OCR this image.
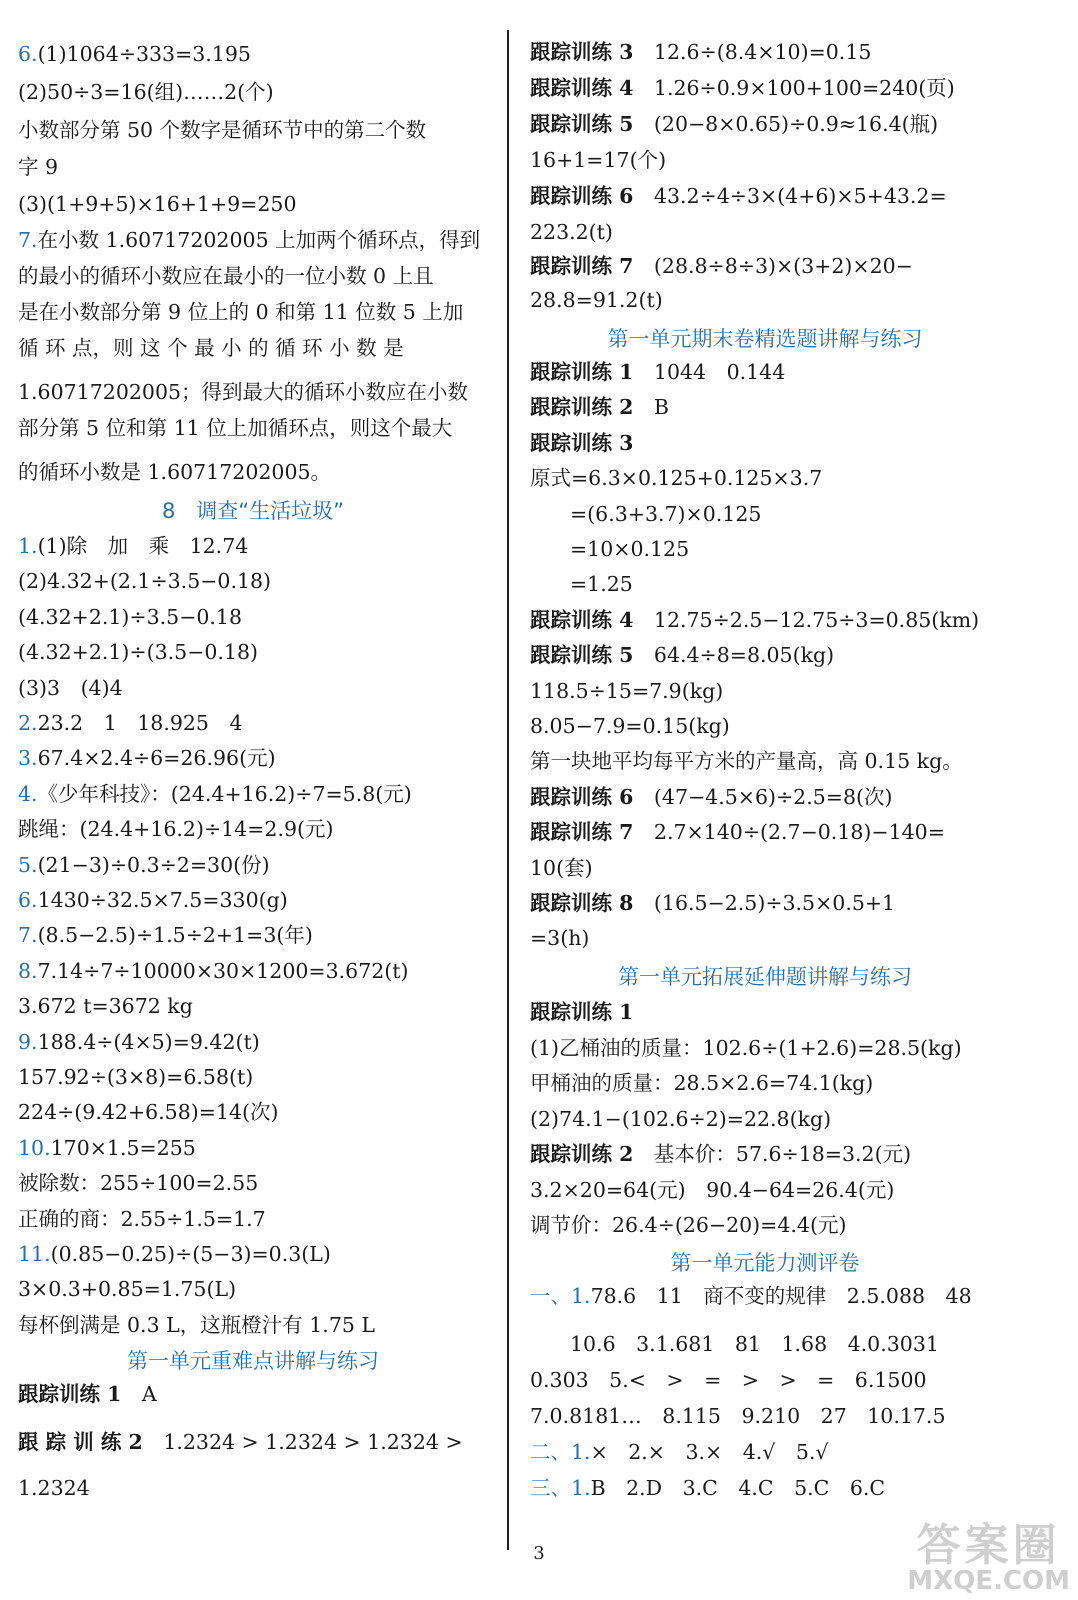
6.(1)1064÷333=3.195
(2)50÷3=16(组)……2(个)
小数部分第 50 个数字是循环节中的第二个数
字 9
(3)(1+9+5)×16+1+9=250
7.在小数 1.60717202005 上加两个循环点，得到
的最小的循环小数应在最小的一位小数 0 上且
是在小数部分第 9 位上的 0 和第 11 位数 5 上加
循 环 点，则 这 个 最 小 的 循 环 小 数 是
1.60717202005；得到最大的循环小数应在小数
部分第 5 位和第 11 位上加循环点，则这个最大
的循环小数是 1.60717202005。
8　调查“生活垃圾”
1.(1)除　加　乘　12.74
(2)4.32+(2.1÷3.5−0.18)
(4.32+2.1)÷3.5−0.18
(4.32+2.1)÷(3.5−0.18)
(3)3　(4)4
2.23.2　1　18.925　4
3.67.4×2.4÷6=26.96(元)
4.《少年科技》：(24.4+16.2)÷7=5.8(元)
跳绳：(24.4+16.2)÷14=2.9(元)
5.(21−3)÷0.3÷2=30(份)
6.1430÷32.5×7.5=330(g)
7.(8.5−2.5)÷1.5÷2+1=3(年)
8.7.14÷7÷10000×30×1200=3.672(t)
3.672 t=3672 kg
9.188.4÷(4×5)=9.42(t)
157.92÷(3×8)=6.58(t)
224÷(9.42+6.58)=14(次)
10.170×1.5=255
被除数：255÷100=2.55
正确的商：2.55÷1.5=1.7
11.(0.85−0.25)÷(5−3)=0.3(L)
3×0.3+0.85=1.75(L)
每杯倒满是 0.3 L，这瓶橙汁有 1.75 L
第一单元重难点讲解与练习
跟踪训练 1　A
跟 踪 训 练 2　1.2324 > 1.2324 > 1.2324 >
1.2324
跟踪训练 3　12.6÷(8.4×10)=0.15
跟踪训练 4　1.26÷0.9×100+100=240(页)
跟踪训练 5　(20−8×0.65)÷0.9≈16.4(瓶)
16+1=17(个)
跟踪训练 6　43.2÷4÷3×(4+6)×5+43.2=
223.2(t)
跟踪训练 7　(28.8÷8÷3)×(3+2)×20−
28.8=91.2(t)
第一单元期末卷精选题讲解与练习
跟踪训练 1　1044　0.144
跟踪训练 2　B
跟踪训练 3　
原式=6.3×0.125+0.125×3.7
=(6.3+3.7)×0.125
=10×0.125
=1.25
跟踪训练 4　12.75÷2.5−12.75÷3=0.85(km)
跟踪训练 5　64.4÷8=8.05(kg)
118.5÷15=7.9(kg)
8.05−7.9=0.15(kg)
第一块地平均每平方米的产量高，高 0.15 kg。
跟踪训练 6　(47−4.5×6)÷2.5=8(次)
跟踪训练 7　2.7×140÷(2.7−0.18)−140=
10(套)
跟踪训练 8　(16.5−2.5)÷3.5×0.5+1
=3(h)
第一单元拓展延伸题讲解与练习
跟踪训练 1　
(1)乙桶油的质量：102.6÷(1+2.6)=28.5(kg)
甲桶油的质量：28.5×2.6=74.1(kg)
(2)74.1−(102.6÷2)=22.8(kg)
跟踪训练 2　基本价：57.6÷18=3.2(元)
3.2×20=64(元)　90.4−64=26.4(元)
调节价：26.4÷(26−20)=4.4(元)
第一单元能力测评卷
一、1.78.6　11　商不变的规律　2.5.088　48
10.6　3.1.681　81　1.68　4.0.3031
0.303　5.<　>　=　>　>　=　6.1500
7.0.8181…　8.115　9.210　27　10.17.5
二、1.×　2.×　3.×　4.√　5.√
三、1.B　2.D　3.C　4.C　5.C　6.C
3	答案圈
MXQE.COM
